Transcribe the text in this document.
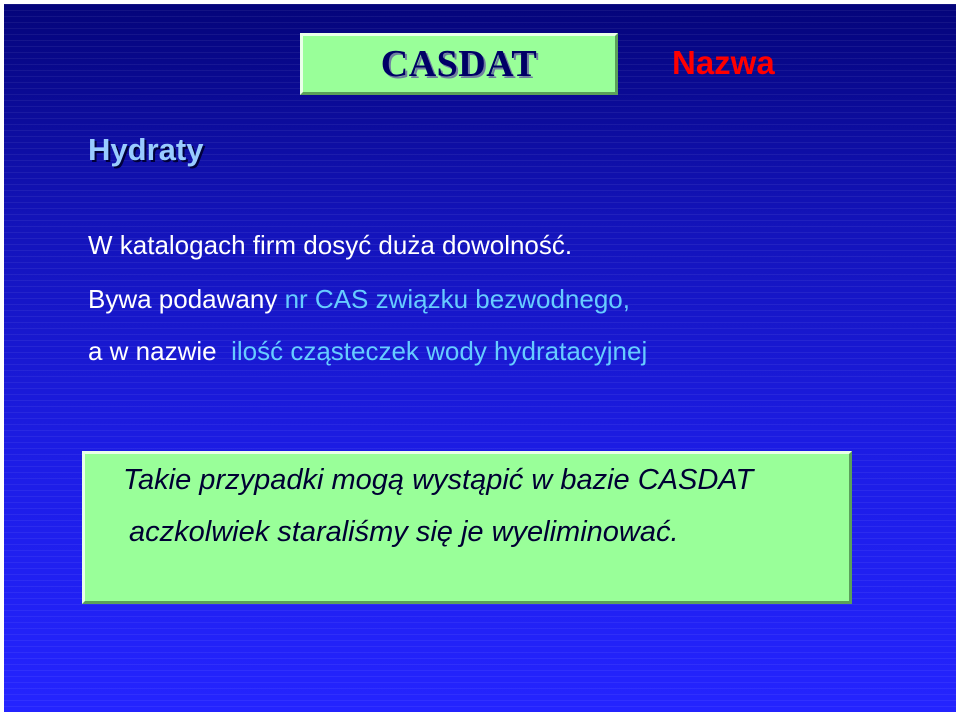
CASDAT	Nazwa
Hydraty
W katalogach firm dosyć duża dowolność.
Bywa podawany nr CAS związku bezwodnego,
a w nazwie  ilość cząsteczek wody hydratacyjnej
Takie przypadki mogą wystąpić w bazie CASDAT
aczkolwiek staraliśmy się je wyeliminować.
